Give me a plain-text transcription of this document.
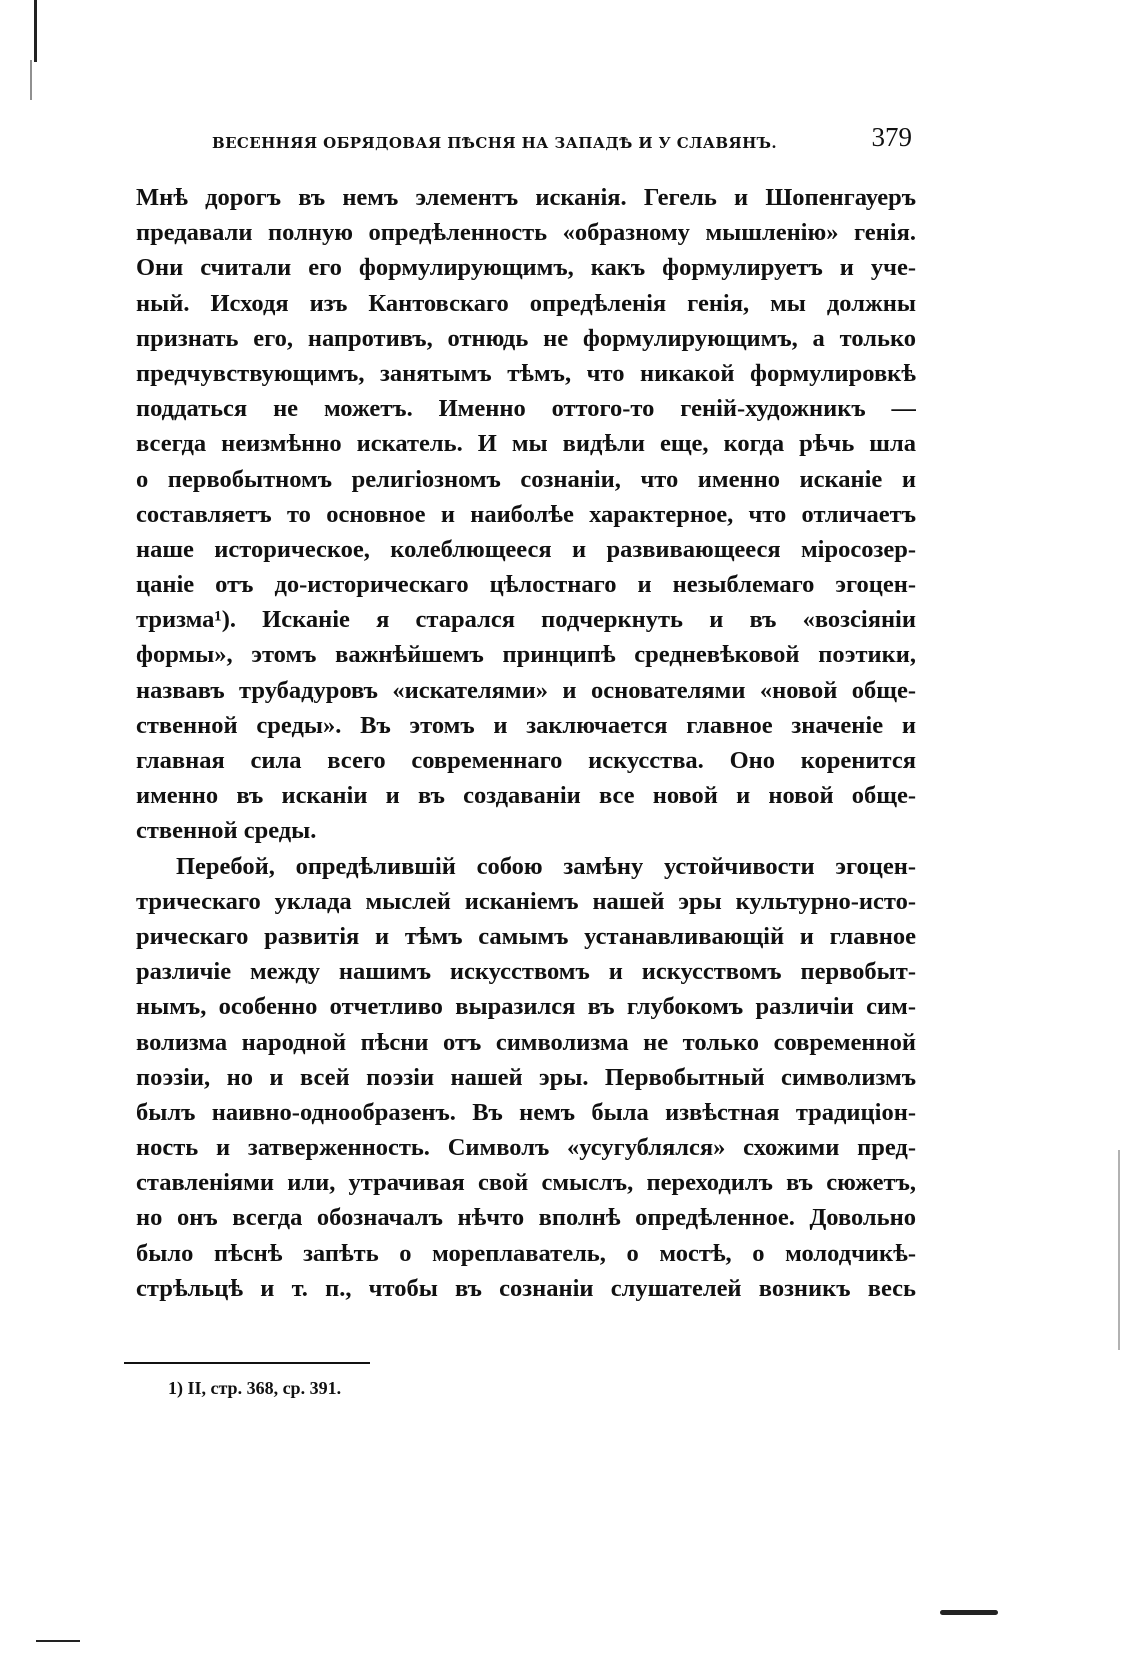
ВЕСЕННЯЯ ОБРЯДОВАЯ ПѢСНЯ НА ЗАПАДѢ И У СЛАВЯНЪ.	379
Мнѣ дорогъ въ немъ элементъ исканія. Гегель и Шопенгауеръ
предавали полную опредѣленность «образному мышленію» генія.
Они считали его формулирующимъ, какъ формулируетъ и уче-
ный. Исходя изъ Кантовскаго опредѣленія генія, мы должны
признать его, напротивъ, отнюдь не формулирующимъ, а только
предчувствующимъ, занятымъ тѣмъ, что никакой формулировкѣ
поддаться не можетъ. Именно оттого-то геній-художникъ —
всегда неизмѣнно искатель. И мы видѣли еще, когда рѣчь шла
о первобытномъ религіозномъ сознаніи, что именно исканіе и
составляетъ то основное и наиболѣе характерное, что отличаетъ
наше историческое, колеблющееся и развивающееся міросозер-
цаніе отъ до-историческаго цѣлостнаго и незыблемаго эгоцен-
тризма¹). Исканіе я старался подчеркнуть и въ «возсіяніи
формы», этомъ важнѣйшемъ принципѣ средневѣковой поэтики,
назвавъ трубадуровъ «искателями» и основателями «новой обще-
ственной среды». Въ этомъ и заключается главное значеніе и
главная сила всего современнаго искусства. Оно коренится
именно въ исканіи и въ создаваніи все новой и новой обще-
ственной среды.
Перебой, опредѣлившій собою замѣну устойчивости эгоцен-
трическаго уклада мыслей исканіемъ нашей эры культурно-исто-
рическаго развитія и тѣмъ самымъ устанавливающій и главное
различіе между нашимъ искусствомъ и искусствомъ первобыт-
нымъ, особенно отчетливо выразился въ глубокомъ различіи сим-
волизма народной пѣсни отъ символизма не только современной
поэзіи, но и всей поэзіи нашей эры. Первобытный символизмъ
былъ наивно-однообразенъ. Въ немъ была извѣстная традиціон-
ность и затверженность. Символъ «усугублялся» схожими пред-
ставленіями или, утрачивая свой смыслъ, переходилъ въ сюжетъ,
но онъ всегда обозначалъ нѣчто вполнѣ опредѣленное. Довольно
было пѣснѣ запѣть о мореплаватель, о мостѣ, о молодчикѣ-
стрѣльцѣ и т. п., чтобы въ сознаніи слушателей возникъ весь
1) II, стр. 368, ср. 391.
